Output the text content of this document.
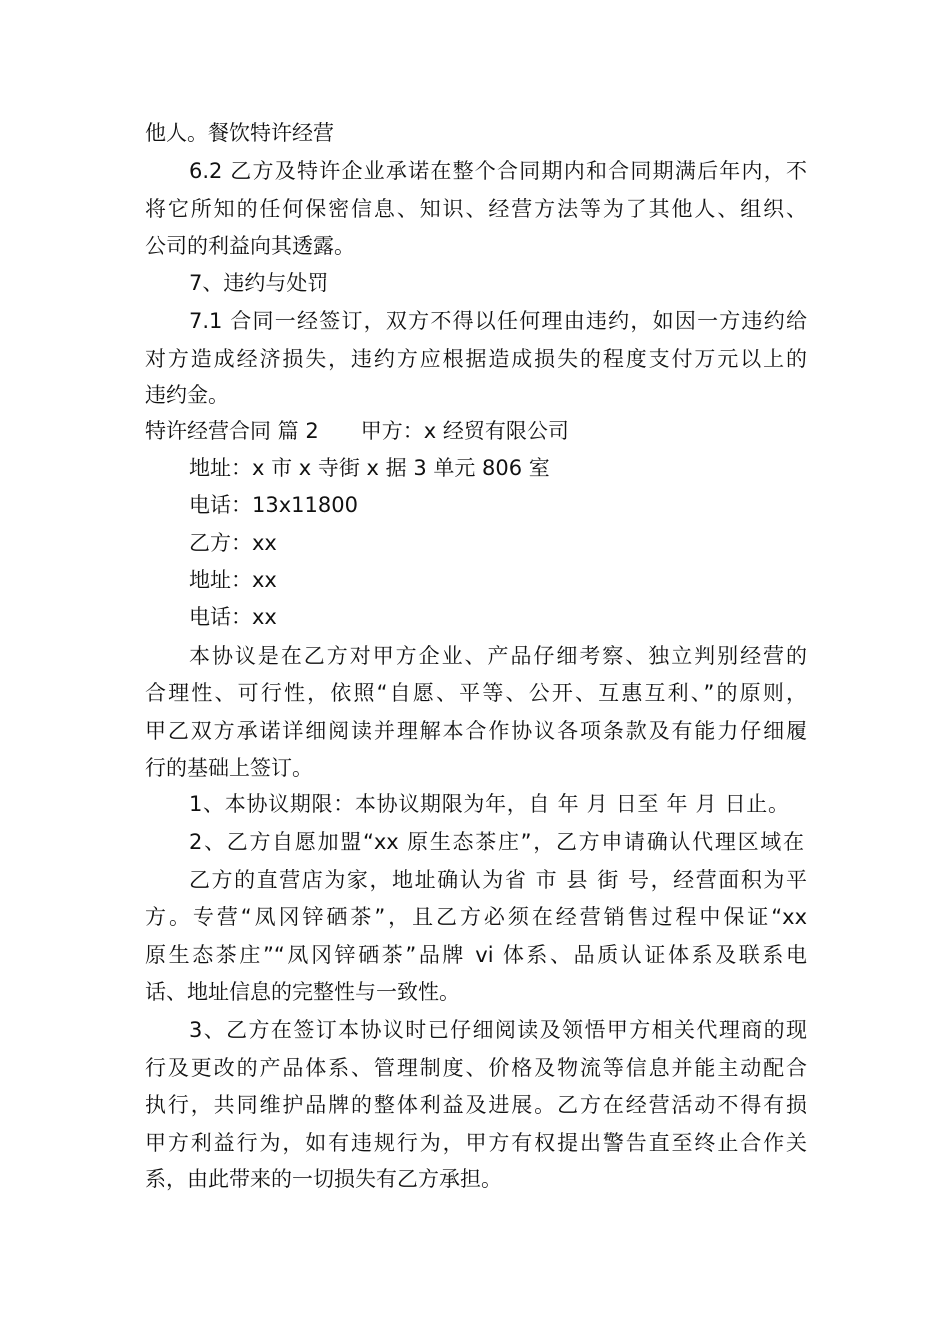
他人。餐饮特许经营

6.2 乙方及特许企业承诺在整个合同期内和合同期满后年内，不

将它所知的任何保密信息、知识、经营方法等为了其他人、组织、

公司的利益向其透露。

7、违约与处罚

7.1 合同一经签订，双方不得以任何理由违约，如因一方违约给

对方造成经济损失，违约方应根据造成损失的程度支付万元以上的

违约金。

特许经营合同 篇 2　　甲方：x 经贸有限公司

地址：x 市 x 寺街 x 据 3 单元 806 室

电话：13x11800

乙方：xx

地址：xx

电话：xx

本协议是在乙方对甲方企业、产品仔细考察、独立判别经营的

合理性、可行性，依照“自愿、平等、公开、互惠互利、”的原则，

甲乙双方承诺详细阅读并理解本合作协议各项条款及有能力仔细履

行的基础上签订。

1、本协议期限：本协议期限为年，自 年 月 日至 年 月 日止。

2、乙方自愿加盟“xx 原生态茶庄”，乙方申请确认代理区域在

乙方的直营店为家，地址确认为省 市 县 街 号，经营面积为平

方。专营“凤冈锌硒茶”，且乙方必须在经营销售过程中保证“xx

原生态茶庄”“凤冈锌硒茶”品牌 vi 体系、品质认证体系及联系电

话、地址信息的完整性与一致性。

3、乙方在签订本协议时已仔细阅读及领悟甲方相关代理商的现

行及更改的产品体系、管理制度、价格及物流等信息并能主动配合

执行，共同维护品牌的整体利益及进展。乙方在经营活动不得有损

甲方利益行为，如有违规行为，甲方有权提出警告直至终止合作关

系，由此带来的一切损失有乙方承担。
